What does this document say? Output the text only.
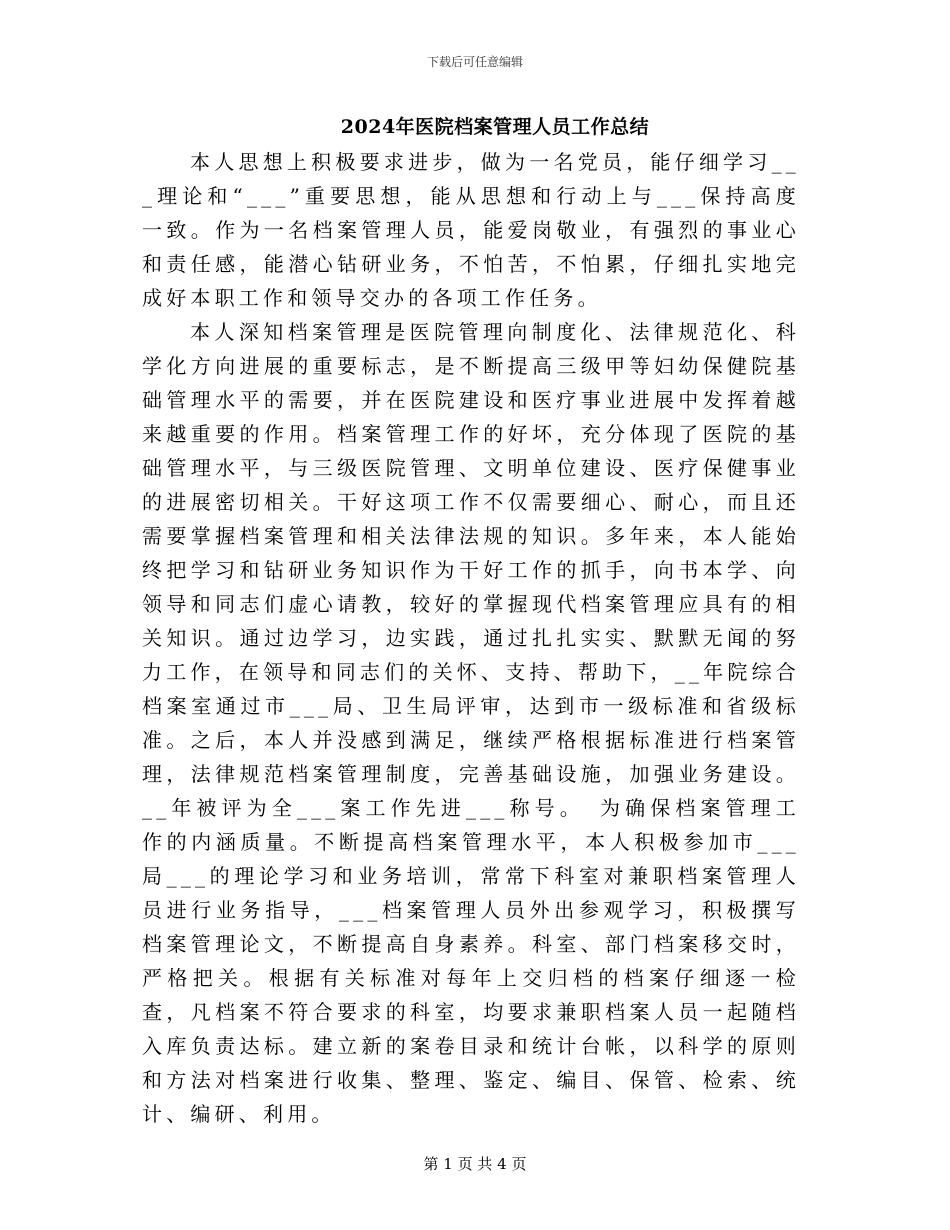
下载后可任意编辑
2024年医院档案管理人员工作总结

本人思想上积极要求进步，做为一名党员，能仔细学习___理论和“___”重要思想，能从思想和行动上与___保持高度一致。作为一名档案管理人员，能爱岗敬业，有强烈的事业心和责任感，能潜心钻研业务，不怕苦，不怕累，仔细扎实地完成好本职工作和领导交办的各项工作任务。

本人深知档案管理是医院管理向制度化、法律规范化、科学化方向进展的重要标志，是不断提高三级甲等妇幼保健院基础管理水平的需要，并在医院建设和医疗事业进展中发挥着越来越重要的作用。档案管理工作的好坏，充分体现了医院的基础管理水平，与三级医院管理、文明单位建设、医疗保健事业的进展密切相关。干好这项工作不仅需要细心、耐心，而且还需要掌握档案管理和相关法律法规的知识。多年来，本人能始终把学习和钻研业务知识作为干好工作的抓手，向书本学、向领导和同志们虚心请教，较好的掌握现代档案管理应具有的相关知识。通过边学习，边实践，通过扎扎实实、默默无闻的努力工作，在领导和同志们的关怀、支持、帮助下，__年院综合档案室通过市___局、卫生局评审，达到市一级标准和省级标准。之后，本人并没感到满足，继续严格根据标准进行档案管理，法律规范档案管理制度，完善基础设施，加强业务建设。__年被评为全___案工作先进___称号。　为确保档案管理工作的内涵质量。不断提高档案管理水平，本人积极参加市___局___的理论学习和业务培训，常常下科室对兼职档案管理人员进行业务指导，___档案管理人员外出参观学习，积极撰写档案管理论文，不断提高自身素养。科室、部门档案移交时，严格把关。根据有关标准对每年上交归档的档案仔细逐一检查，凡档案不符合要求的科室，均要求兼职档案人员一起随档入库负责达标。建立新的案卷目录和统计台帐，以科学的原则和方法对档案进行收集、整理、鉴定、编目、保管、检索、统计、编研、利用。

第 1 页 共 4 页
